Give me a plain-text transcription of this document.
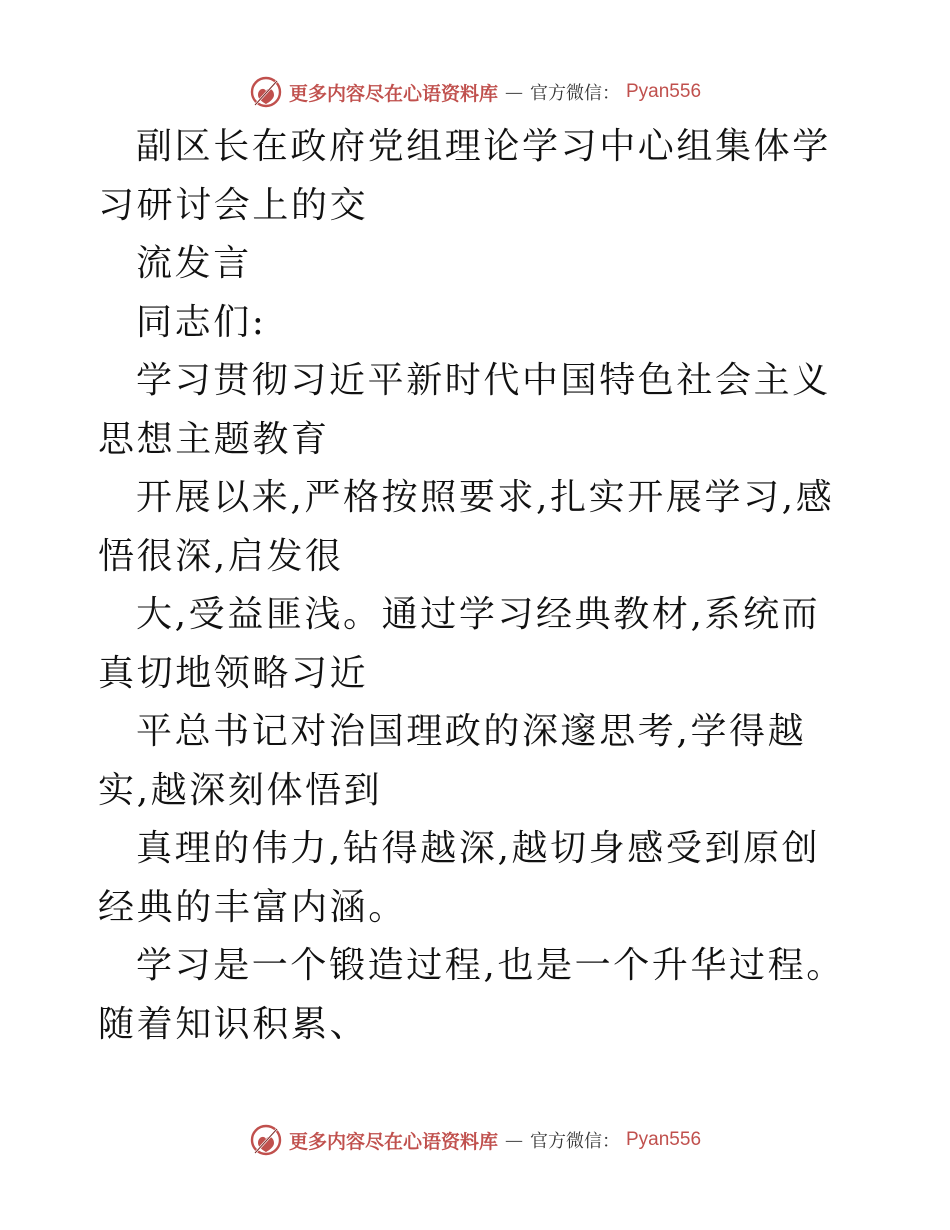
更多内容尽在心语资料库 — 官方微信： Pyan556

副区长在政府党组理论学习中心组集体学习研讨会上的交

流发言

同志们:

学习贯彻习近平新时代中国特色社会主义思想主题教育

开展以来,严格按照要求,扎实开展学习,感悟很深,启发很

大,受益匪浅。通过学习经典教材,系统而真切地领略习近

平总书记对治国理政的深邃思考,学得越实,越深刻体悟到

真理的伟力,钻得越深,越切身感受到原创经典的丰富内涵。

学习是一个锻造过程,也是一个升华过程。随着知识积累、

更多内容尽在心语资料库 — 官方微信： Pyan556
